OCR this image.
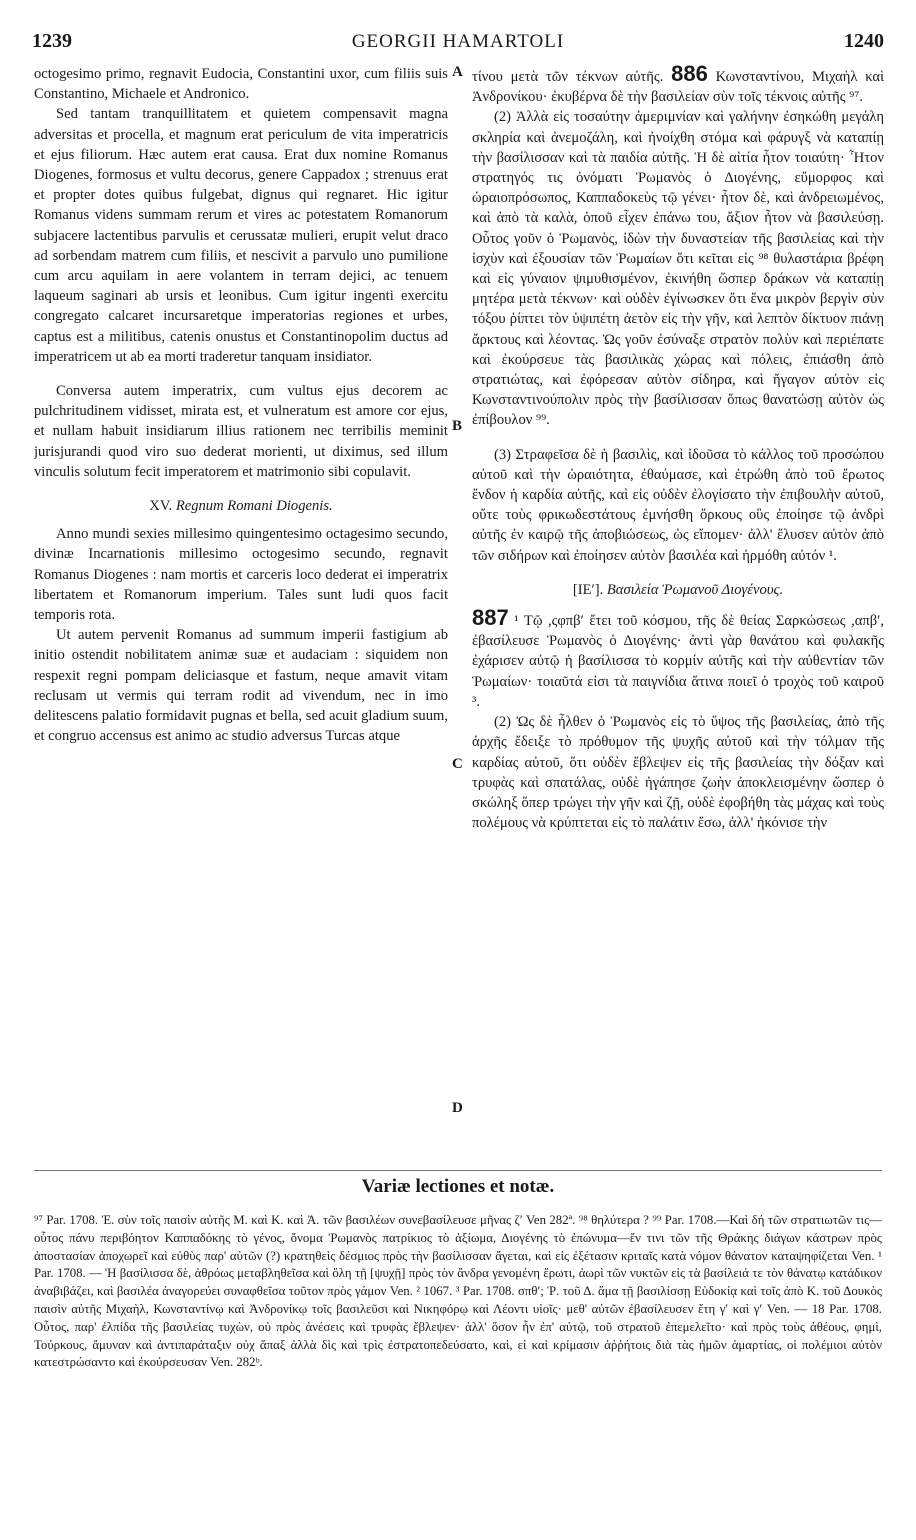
1239	GEORGII HAMARTOLI	1240

octogesimo primo, regnavit Eudocia, Constantini uxor, cum filiis suis Constantino, Michaele et Andronico.

Sed tantam tranquillitatem et quietem compensavit magna adversitas et procella, et magnum erat periculum de vita imperatricis et ejus filiorum. Hæc autem erat causa. Erat dux nomine Romanus Diogenes, formosus et vultu decorus, genere Cappadox ; strenuus erat et propter dotes quibus fulgebat, dignus qui regnaret. Hic igitur Romanus videns summam rerum et vires ac potestatem Romanorum subjacere lactentibus parvulis et cerussatæ mulieri, erupit velut draco ad sorbendam matrem cum filiis, et nescivit a parvulo uno pumilione cum arcu aquilam in aere volantem in terram dejici, ac tenuem laqueum saginari ab ursis et leonibus. Cum igitur ingenti exercitu congregato calcaret incursaretque imperatorias regiones et urbes, captus est a militibus, catenis onustus et Constantinopolim ductus ad imperatricem ut ab ea morti traderetur tanquam insidiator.

Conversa autem imperatrix, cum vultus ejus decorem ac pulchritudinem vidisset, mirata est, et vulneratum est amore cor ejus, et nullam habuit insidiarum illius rationem nec terribilis meminit jurisjurandi quod viro suo dederat morienti, ut diximus, sed illum vinculis solutum fecit imperatorem et matrimonio sibi copulavit.

XV. Regnum Romani Diogenis.

Anno mundi sexies millesimo quingentesimo octagesimo secundo, divinæ Incarnationis millesimo octogesimo secundo, regnavit Romanus Diogenes : nam mortis et carceris loco dederat ei imperatrix libertatem et Romanorum imperium. Tales sunt ludi quos facit temporis rota.

Ut autem pervenit Romanus ad summum imperii fastigium ab initio ostendit nobilitatem animæ suæ et audaciam : siquidem non respexit regni pompam deliciasque et fastum, neque amavit vitam reclusam ut vermis qui terram rodit ad vivendum, nec in imo delitescens palatio formidavit pugnas et bella, sed acuit gladium suum, et congruo accensus est animo ac studio adversus Turcas atque

A
B
C
D

τίνου μετὰ τῶν τέκνων αὐτῆς. 886 Κωνσταντίνου, Μιχαὴλ καὶ Ἀνδρονίκου· ἐκυβέρνα δὲ τὴν βασιλείαν σὺν τοῖς τέκνοις αὐτῆς ⁹⁷.

(2) Ἀλλὰ εἰς τοσαύτην ἀμεριμνίαν καὶ γαλήνην ἐσηκώθη μεγάλη σκληρία καὶ ἀνεμοζάλη, καὶ ἠνοίχθη στόμα καὶ φάρυγξ νὰ καταπίῃ τὴν βασίλισσαν καὶ τὰ παιδία αὐτῆς. Ἡ δὲ αἰτία ἦτον τοιαύτη· Ἦτον στρατηγός τις ὀνόματι Ῥωμανὸς ὁ Διογένης, εὔμορφος καὶ ὡραιοπρόσωπος, Καππαδοκεὺς τῷ γένει· ἦτον δὲ, καὶ ἀνδρειωμένος, καὶ ἀπὸ τὰ καλὰ, ὁποῦ εἶχεν ἐπάνω του, ἄξιον ἦτον νὰ βασιλεύσῃ. Οὗτος γοῦν ὁ Ῥωμανὸς, ἰδὼν τὴν δυναστείαν τῆς βασιλείας καὶ τὴν ἰσχὺν καὶ ἐξουσίαν τῶν Ῥωμαίων ὅτι κεῖται εἰς ⁹⁸ θυλαστάρια βρέφη καὶ εἰς γύναιον ψιμυθισμένον, ἐκινήθη ὥσπερ δράκων νὰ καταπίῃ μητέρα μετὰ τέκνων· καὶ οὐδὲν ἐγίνωσκεν ὅτι ἕνα μικρὸν βεργὶν σὺν τόξου ῥίπτει τὸν ὑψιπέτη ἀετὸν εἰς τὴν γῆν, καὶ λεπτὸν δίκτυον πιάνῃ ἄρκτους καὶ λέοντας. Ὡς γοῦν ἐσύναξε στρατὸν πολὺν καὶ περιέπατε καὶ ἐκούρσευε τὰς βασιλικὰς χώρας καὶ πόλεις, ἐπιάσθη ἀπὸ στρατιώτας, καὶ ἐφόρεσαν αὐτὸν σίδηρα, καὶ ἤγαγον αὐτὸν εἰς Κωνσταντινούπολιν πρὸς τὴν βασίλισσαν ὅπως θανατώσῃ αὐτὸν ὡς ἐπίβουλον ⁹⁹.

(3) Στραφεῖσα δὲ ἡ βασιλὶς, καὶ ἰδοῦσα τὸ κάλλος τοῦ προσώπου αὐτοῦ καὶ τὴν ὡραιότητα, ἐθαύμασε, καὶ ἐτρώθη ἀπὸ τοῦ ἔρωτος ἔνδον ἡ καρδία αὐτῆς, καὶ εἰς οὐδὲν ἐλογίσατο τὴν ἐπιβουλὴν αὐτοῦ, οὔτε τοὺς φρικωδεστάτους ἐμνήσθη ὅρκους οὓς ἐποίησε τῷ ἀνδρὶ αὐτῆς ἐν καιρῷ τῆς ἀποβιώσεως, ὡς εἴπομεν· ἀλλ' ἔλυσεν αὐτὸν ἀπὸ τῶν σιδήρων καὶ ἐποίησεν αὐτὸν βασιλέα καὶ ἡρμόθη αὐτόν ¹.

[ΙΕʹ]. Βασιλεία Ῥωμανοῦ Διογένους.

887 ¹ Τῷ ,ςφπβʹ ἔτει τοῦ κόσμου, τῆς δὲ θείας Σαρκώσεως ,απβʹ, ἐβασίλευσε Ῥωμανὸς ὁ Διογένης· ἀντὶ γὰρ θανάτου καὶ φυλακῆς ἐχάρισεν αὐτῷ ἡ βασίλισσα τὸ κορμίν αὐτῆς καὶ τὴν αὐθεντίαν τῶν Ῥωμαίων· τοιαῦτά εἰσι τὰ παιγνίδια ἅτινα ποιεῖ ὁ τροχὸς τοῦ καιροῦ ³.

(2) Ὡς δὲ ἦλθεν ὁ Ῥωμανὸς εἰς τὸ ὕψος τῆς βασιλείας, ἀπὸ τῆς ἀρχῆς ἔδειξε τὸ πρόθυμον τῆς ψυχῆς αὐτοῦ καὶ τὴν τόλμαν τῆς καρδίας αὐτοῦ, ὅτι οὐδὲν ἔβλεψεν εἰς τῆς βασιλείας τὴν δόξαν καὶ τρυφὰς καὶ σπατάλας, οὐδὲ ἠγάπησε ζωὴν ἀποκλεισμένην ὥσπερ ὁ σκώληξ ὅπερ τρώγει τὴν γῆν καὶ ζῇ, οὐδὲ ἐφοβήθη τὰς μάχας καὶ τοὺς πολέμους νὰ κρύπτεται εἰς τὸ παλάτιν ἔσω, ἀλλ' ἠκόνισε τὴν

Variæ lectiones et notæ.

⁹⁷ Par. 1708. Ἐ. σὺν τοῖς παισὶν αὐτῆς Μ. καὶ Κ. καὶ Ἀ. τῶν βασιλέων συνεβασίλευσε μῆνας ζʹ Ven 282ª. ⁹⁸ θηλύτερα ? ⁹⁹ Par. 1708.—Καὶ δή τῶν στρατιωτῶν τις—οὗτος πάνυ περιβόητον Καππαδόκης τὸ γένος, ὄνομα Ῥωμανὸς πατρίκιος τὸ ἀξίωμα, Διογένης τὸ ἐπώνυμα—ἔν τινι τῶν τῆς Θράκης διάγων κάστρων πρὸς ἀποστασίαν ἀποχωρεῖ καὶ εὐθὺς παρ' αὐτῶν (?) κρατηθεὶς δέσμιος πρὸς τὴν βασίλισσαν ἄγεται, καὶ εἰς ἐξέτασιν κριταῖς κατὰ νόμον θάνατον καταψηφίζεται Ven. ¹ Par. 1708. — Ἡ βασίλισσα δὲ, ἀθρόως μεταβληθεῖσα καὶ ὅλη τῇ [ψυχῇ] πρὸς τὸν ἄνδρα γενομένη ἔρωτι, ἀωρὶ τῶν νυκτῶν εἰς τὰ βασίλειά τε τὸν θάνατῳ κατάδικον ἀναβιβάζει, καὶ βασιλέα ἀναγορεύει συναφθεῖσα τοῦτον πρὸς γάμον Ven. ² 1067. ³ Par. 1708. σπθʹ; Ῥ. τοῦ Δ. ἅμα τῇ βασιλίσσῃ Εὐδοκίᾳ καὶ τοῖς ἀπὸ Κ. τοῦ Δουκὸς παισὶν αὐτῆς Μιχαὴλ, Κωνσταντίνῳ καὶ Ἀνδρονίκῳ τοῖς βασιλεῦσι καὶ Νικηφόρῳ καὶ Λέοντι υἱοῖς· μεθ' αὐτῶν ἐβασίλευσεν ἔτη γʹ καὶ γʹ Ven. — 18 Par. 1708. Οὗτος, παρ' ἐλπίδα τῆς βασιλείας τυχὼν, οὐ πρὸς ἀνέσεις καὶ τρυφὰς ἔβλεψεν· ἀλλ' ὅσον ἦν ἐπ' αὐτῷ, τοῦ στρατοῦ ἐπεμελεῖτο· καὶ πρὸς τοὺς ἀθέους, φημὶ, Τούρκους, ἄμυναν καὶ ἀντιπαράταξιν οὐχ ἅπαξ ἀλλὰ δὶς καὶ τρὶς ἐστρατοπεδεύσατο, καὶ, εἰ καὶ κρίμασιν ἀῤῥήτοις διὰ τὰς ἡμῶν ἁμαρτίας, οἱ πολέμιοι αὐτὸν κατεστρώσαντο καὶ ἐκούρσευσαν Ven. 282ᵇ.
